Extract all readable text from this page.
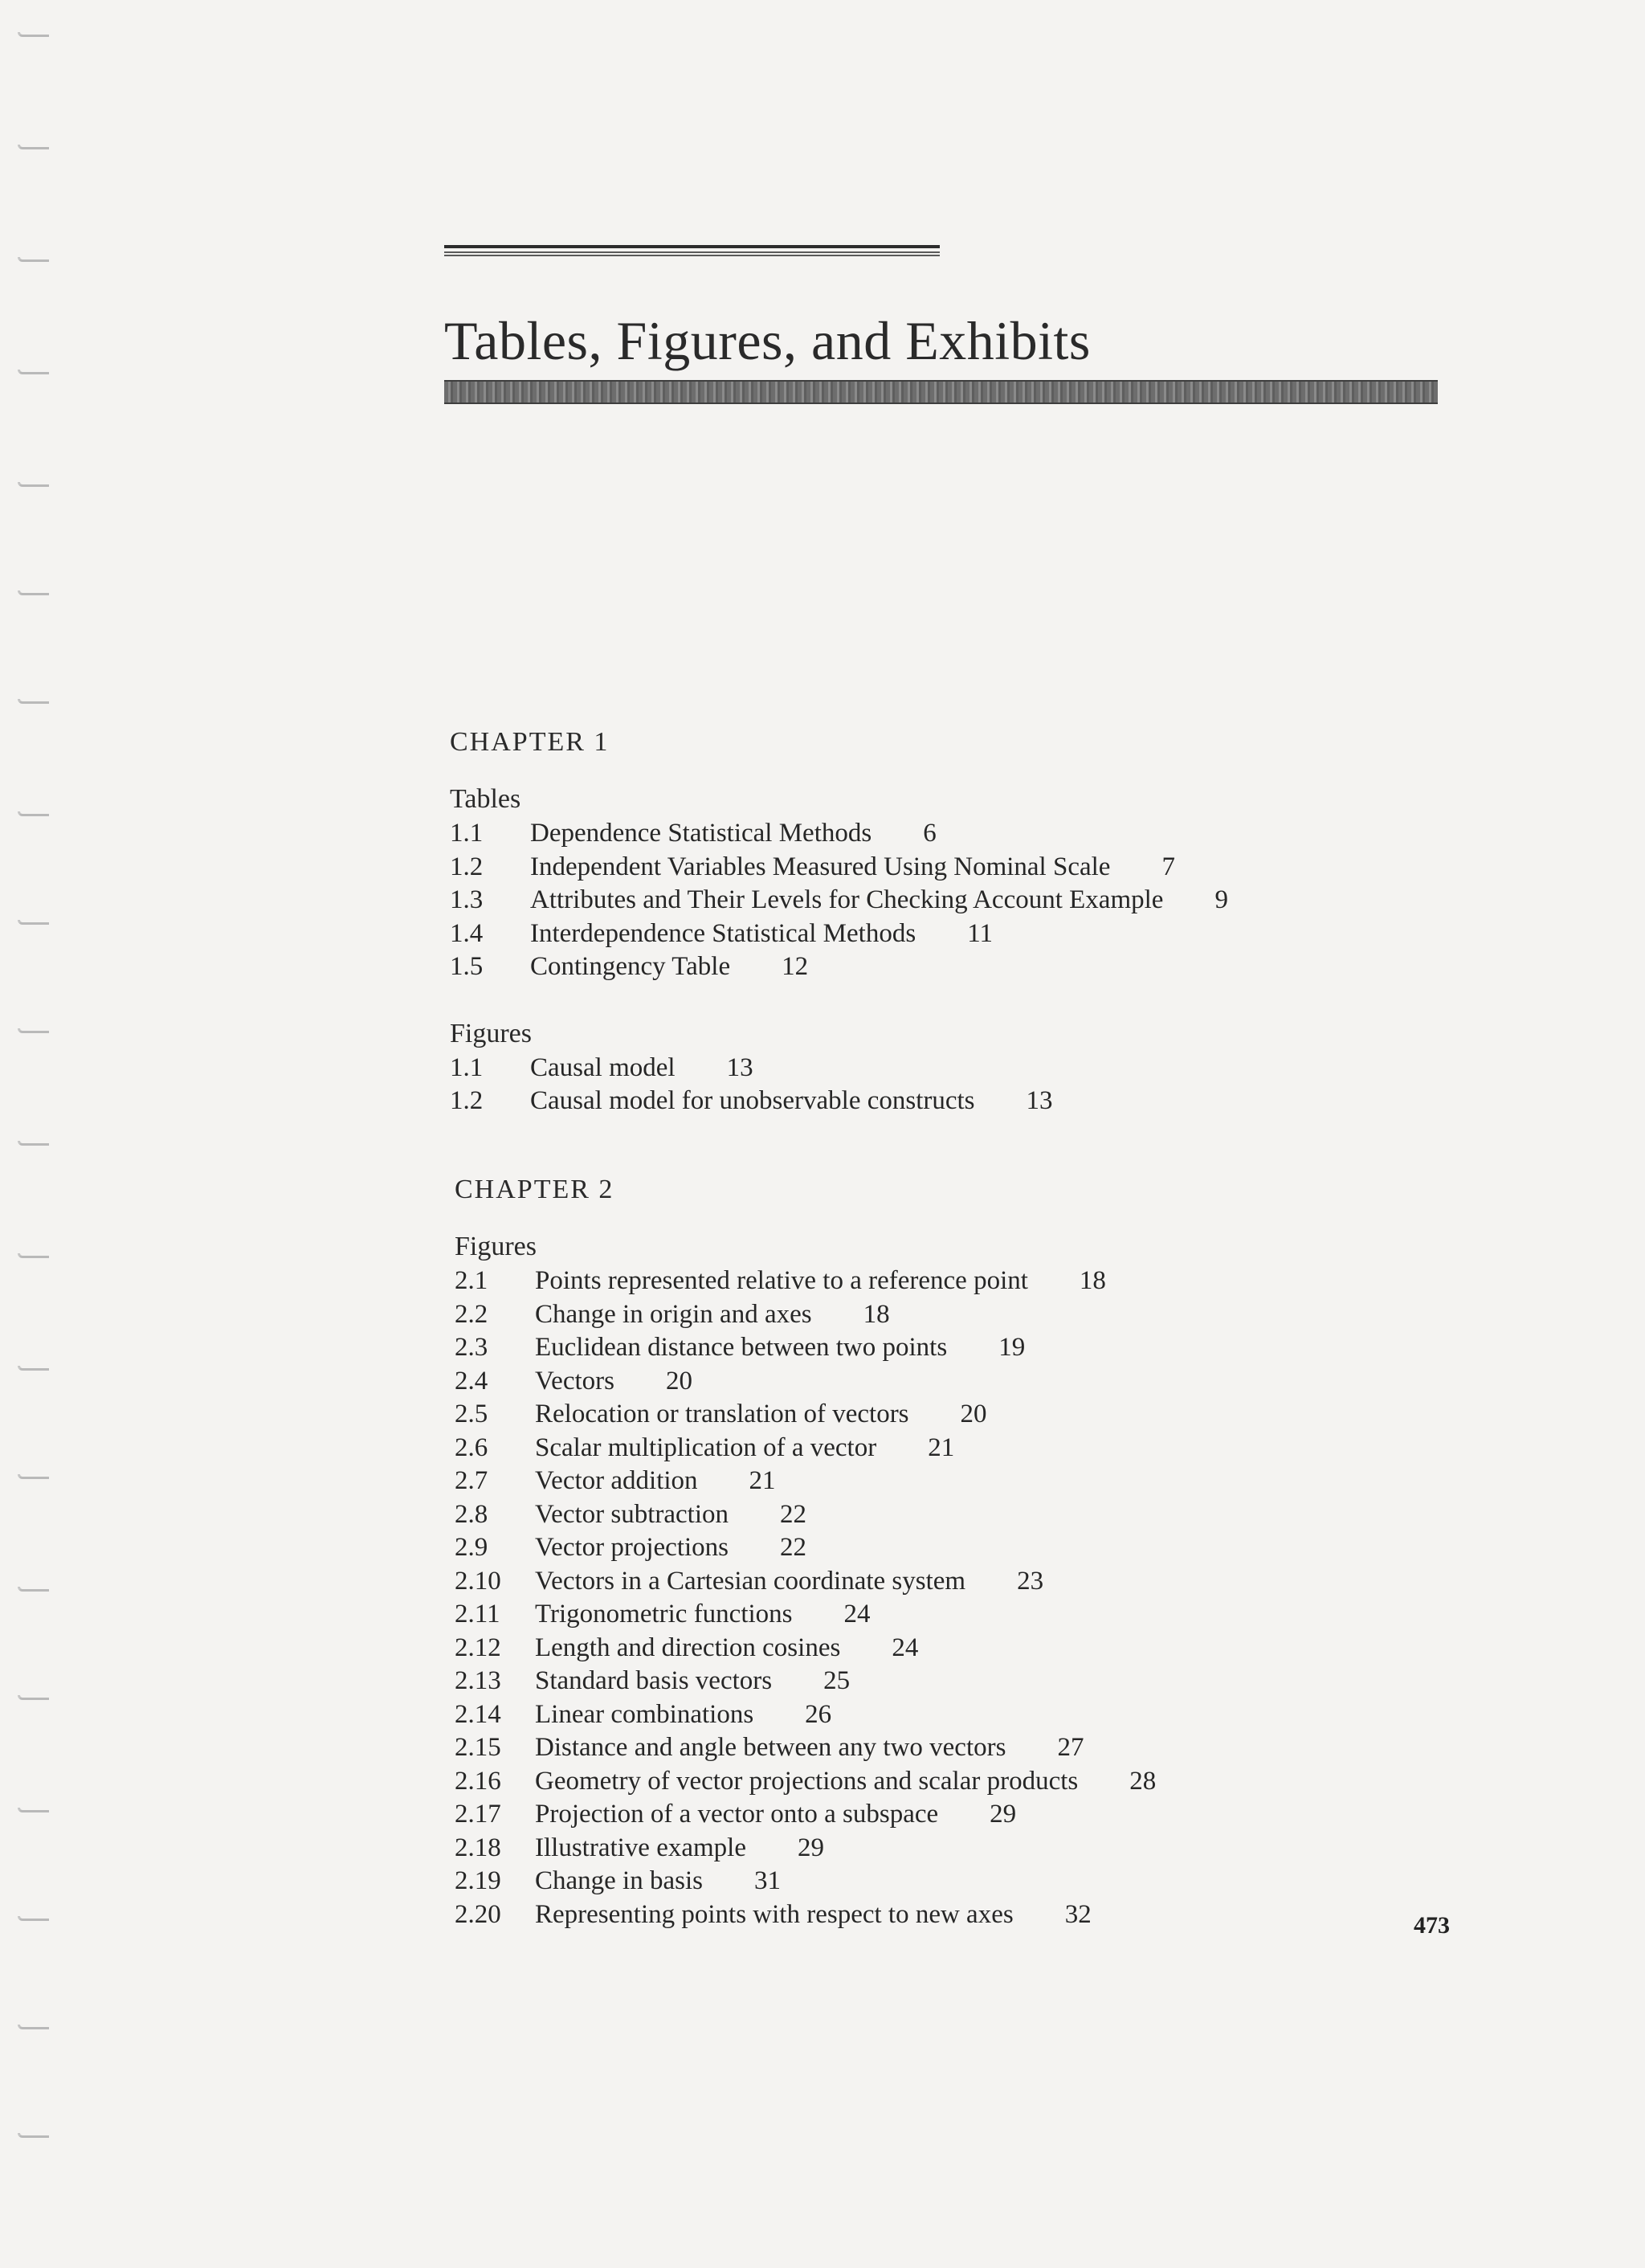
Tables, Figures, and Exhibits
CHAPTER 1
Tables
1.1	Dependence Statistical Methods 6
1.2	Independent Variables Measured Using Nominal Scale 7
1.3	Attributes and Their Levels for Checking Account Example 9
1.4	Interdependence Statistical Methods 11
1.5	Contingency Table 12
Figures
1.1	Causal model 13
1.2	Causal model for unobservable constructs 13
CHAPTER 2
Figures
2.1	Points represented relative to a reference point 18
2.2	Change in origin and axes 18
2.3	Euclidean distance between two points 19
2.4	Vectors 20
2.5	Relocation or translation of vectors 20
2.6	Scalar multiplication of a vector 21
2.7	Vector addition 21
2.8	Vector subtraction 22
2.9	Vector projections 22
2.10	Vectors in a Cartesian coordinate system 23
2.11	Trigonometric functions 24
2.12	Length and direction cosines 24
2.13	Standard basis vectors 25
2.14	Linear combinations 26
2.15	Distance and angle between any two vectors 27
2.16	Geometry of vector projections and scalar products 28
2.17	Projection of a vector onto a subspace 29
2.18	Illustrative example 29
2.19	Change in basis 31
2.20	Representing points with respect to new axes 32	473
